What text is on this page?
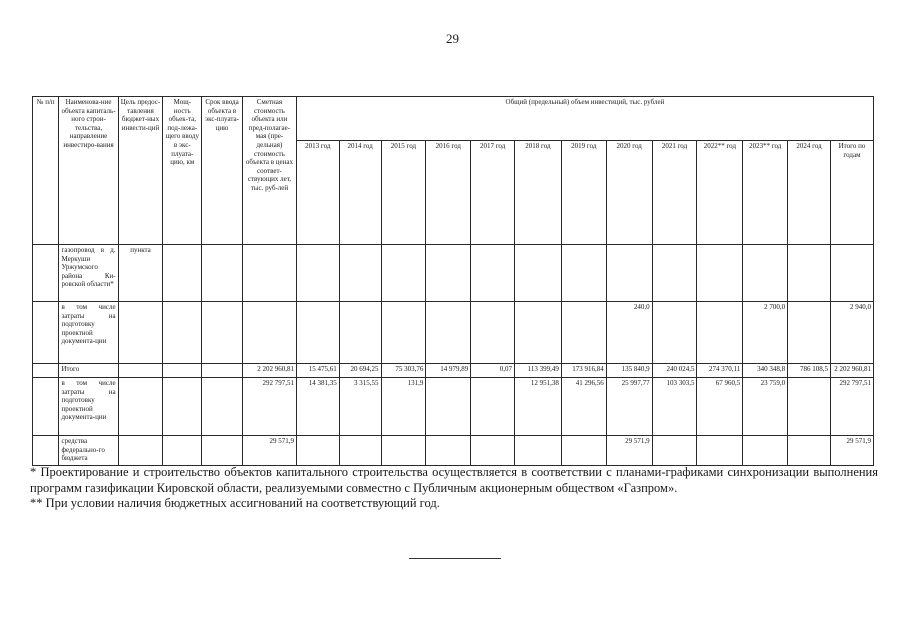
29
№ п/п	Наименова-ние объекта капиталь-ного строи-тельства, направление инвестиро-вания	Цель предос-тавления бюджет-ных инвести-ций	Мощ-ность объек-та, под-лежа-щего вводу в экс-плуата-цию, км	Срок ввода объекта в экс-плуата-цию	Сметная стоимость объекта или пред-полагае-мая (пре-дельная) стоимость объекта в ценах соответ-ствующих лет, тыс. руб-лей	Общий (предельный) объем инвестиций, тыс. рублей												
						2013 год	2014 год	2015 год	2016 год	2017 год	2018 год	2019 год	2020 год	2021 год	2022** год	2023** год	2024 год	Итого по годам
	газопровод в д. Меркуши Уржумского района Ки-ровской области*	пункта																
	в том числе затраты на подготовку проектной документа-ции												240,0			2 700,0		2 940,0
	Итого				2 202 960,81	15 475,61	20 694,25	75 303,76	14 979,89	0,07	113 399,49	173 916,84	135 840,9	240 024,5	274 370,11	340 348,8	786 108,5	2 202 960,81
	в том числе затраты на подготовку проектной документа-ции				292 797,51	14 381,35	3 315,55	131,9			12 951,38	41 296,56	25 997,77	103 303,5	67 960,5	23 759,0		292 797,51
	средства федерально-го бюджета				29 571,9								29 571,9					29 571,9

* Проектирование и строительство объектов капитального строительства осуществляется в соответствии с планами-графиками синхронизации выполнения программ газификации Кировской области, реализуемыми совместно с Публичным акционерным обществом «Газпром».

** При условии наличия бюджетных ассигнований на соответствующий год.
